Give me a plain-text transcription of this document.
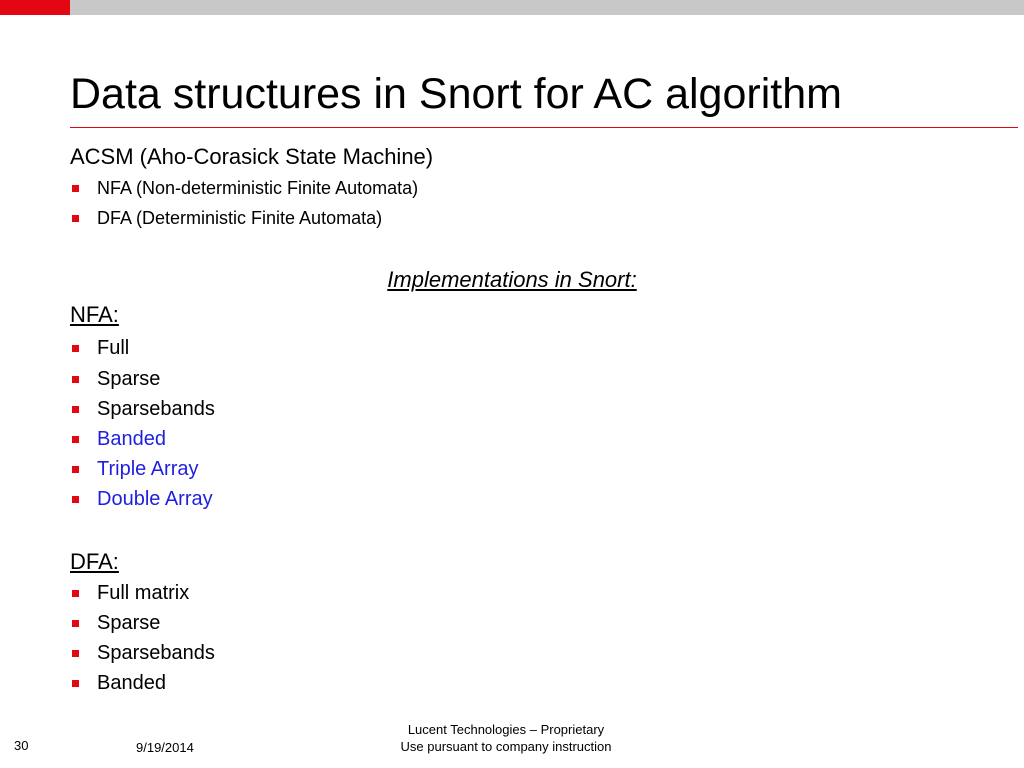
Data structures in Snort for AC algorithm
ACSM (Aho-Corasick State Machine)
NFA (Non-deterministic Finite Automata)
DFA (Deterministic Finite Automata)
Implementations in Snort:
NFA:
Full
Sparse
Sparsebands
Banded
Triple Array
Double Array
DFA:
Full matrix
Sparse
Sparsebands
Banded
30	9/19/2014
Lucent Technologies – Proprietary
Use pursuant to company instruction
